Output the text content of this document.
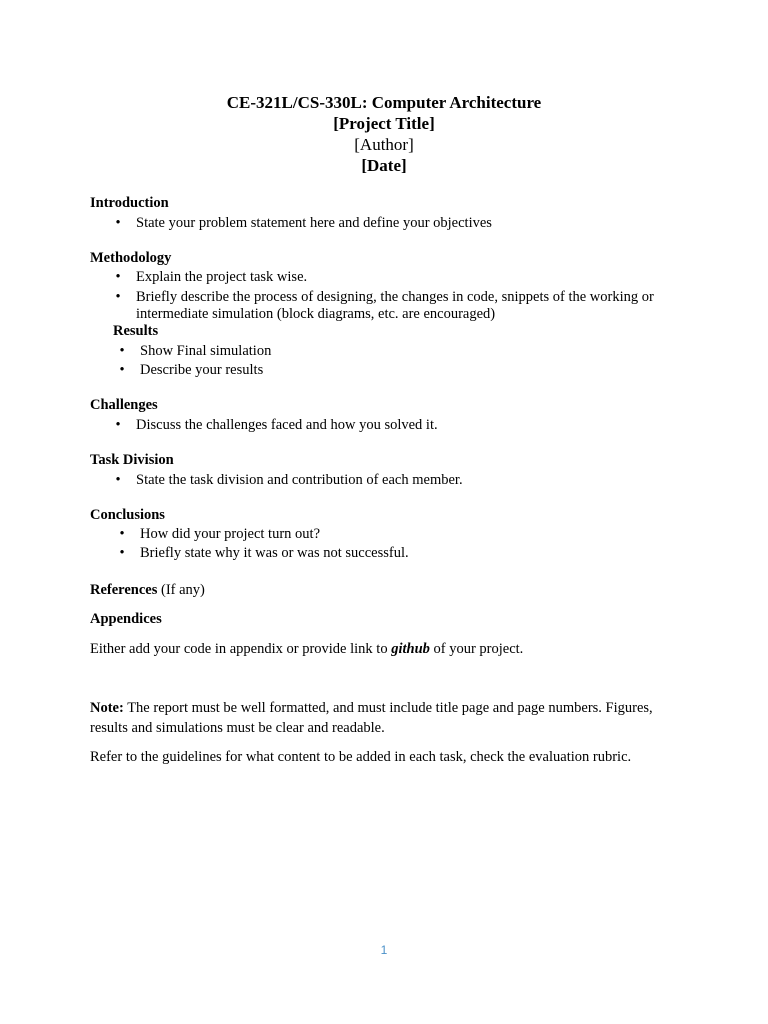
CE-321L/CS-330L: Computer Architecture
[Project Title]
[Author]
[Date]
Introduction
•	State your problem statement here and define your objectives
Methodology
•	Explain the project task wise.
•	Briefly describe the process of designing, the changes in code, snippets of the working or
intermediate simulation (block diagrams, etc. are encouraged)
Results
•	Show Final simulation
•	Describe your results
Challenges
•	Discuss the challenges faced and how you solved it.
Task Division
•	State the task division and contribution of each member.
Conclusions
•	How did your project turn out?
•	Briefly state why it was or was not successful.
References (If any)
Appendices
Either add your code in appendix or provide link to github of your project.
Note: The report must be well formatted, and must include title page and page numbers. Figures,
results and simulations must be clear and readable.
Refer to the guidelines for what content to be added in each task, check the evaluation rubric.
1
